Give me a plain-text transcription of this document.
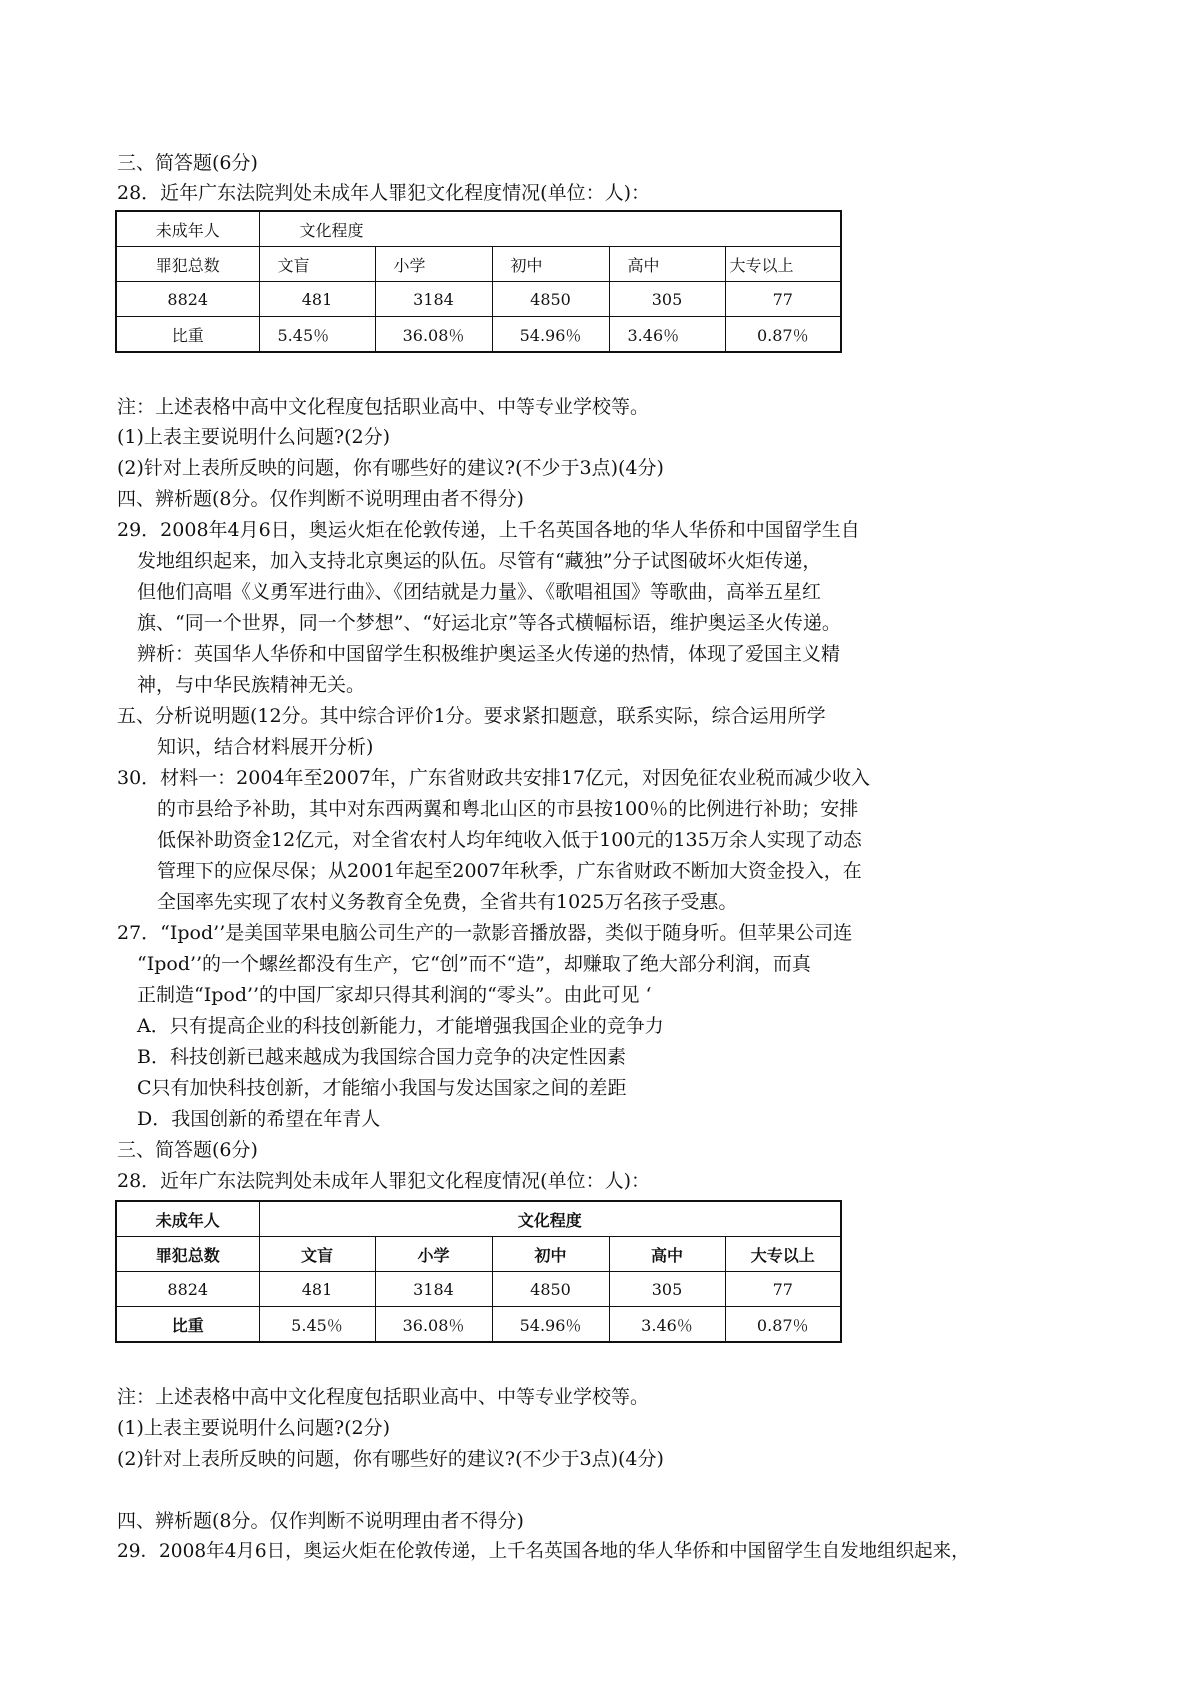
三、简答题(6分)
28．近年广东法院判处未成年人罪犯文化程度情况(单位：人)：
未成年人	文化程度				
罪犯总数	文盲	小学	初中	高中	大专以上
8824	481	3184	4850	305	77
比重	5.45％	36.08％	54.96％	3.46％	0.87％
注：上述表格中高中文化程度包括职业高中、中等专业学校等。
(1)上表主要说明什么问题?(2分)
(2)针对上表所反映的问题，你有哪些好的建议?(不少于3点)(4分)
四、辨析题(8分。仅作判断不说明理由者不得分)
29．2008年4月6日，奥运火炬在伦敦传递，上千名英国各地的华人华侨和中国留学生自
发地组织起来，加入支持北京奥运的队伍。尽管有“藏独”分子试图破坏火炬传递，
但他们高唱《义勇军进行曲》、《团结就是力量》、《歌唱祖国》等歌曲，高举五星红
旗、“同一个世界，同一个梦想”、“好运北京”等各式横幅标语，维护奥运圣火传递。
辨析：英国华人华侨和中国留学生积极维护奥运圣火传递的热情，体现了爱国主义精
神，与中华民族精神无关。
五、分析说明题(12分。其中综合评价1分。要求紧扣题意，联系实际，综合运用所学
知识，结合材料展开分析)
30．材料一：2004年至2007年，广东省财政共安排17亿元，对因免征农业税而减少收入
的市县给予补助，其中对东西两翼和粤北山区的市县按100％的比例进行补助；安排
低保补助资金12亿元，对全省农村人均年纯收入低于100元的135万余人实现了动态
管理下的应保尽保；从2001年起至2007年秋季，广东省财政不断加大资金投入，在
全国率先实现了农村义务教育全免费，全省共有1025万名孩子受惠。
27．“Ipod’’是美国苹果电脑公司生产的一款影音播放器，类似于随身听。但苹果公司连
“Ipod’’的一个螺丝都没有生产，它“创”而不“造”，却赚取了绝大部分利润，而真
正制造“Ipod’’的中国厂家却只得其利润的“零头”。由此可见 ‘
A．只有提高企业的科技创新能力，才能增强我国企业的竞争力
B．科技创新已越来越成为我国综合国力竞争的决定性因素
C只有加快科技创新，才能缩小我国与发达国家之间的差距
D．我国创新的希望在年青人
三、简答题(6分)
28．近年广东法院判处未成年人罪犯文化程度情况(单位：人)：
未成年人	文化程度				
罪犯总数	文盲	小学	初中	高中	大专以上
8824	481	3184	4850	305	77
比重	5.45％	36.08％	54.96％	3.46％	0.87％
注：上述表格中高中文化程度包括职业高中、中等专业学校等。
(1)上表主要说明什么问题?(2分)
(2)针对上表所反映的问题，你有哪些好的建议?(不少于3点)(4分)
四、辨析题(8分。仅作判断不说明理由者不得分)
29．2008年4月6日，奥运火炬在伦敦传递，上千名英国各地的华人华侨和中国留学生自发地组织起来，
